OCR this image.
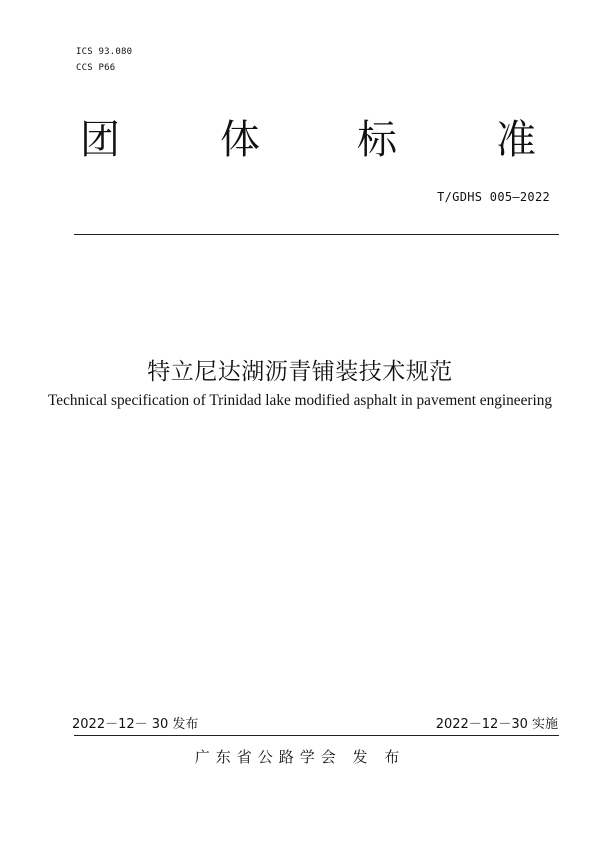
ICS 93.080
CCS P66
团	体 标 准
T/GDHS 005—2022
特立尼达湖沥青铺装技术规范
Technical specification of Trinidad lake modified asphalt in pavement engineering
2022－12－ 30 发布	2022－12－30 实施
广东省公路学会 发 布
